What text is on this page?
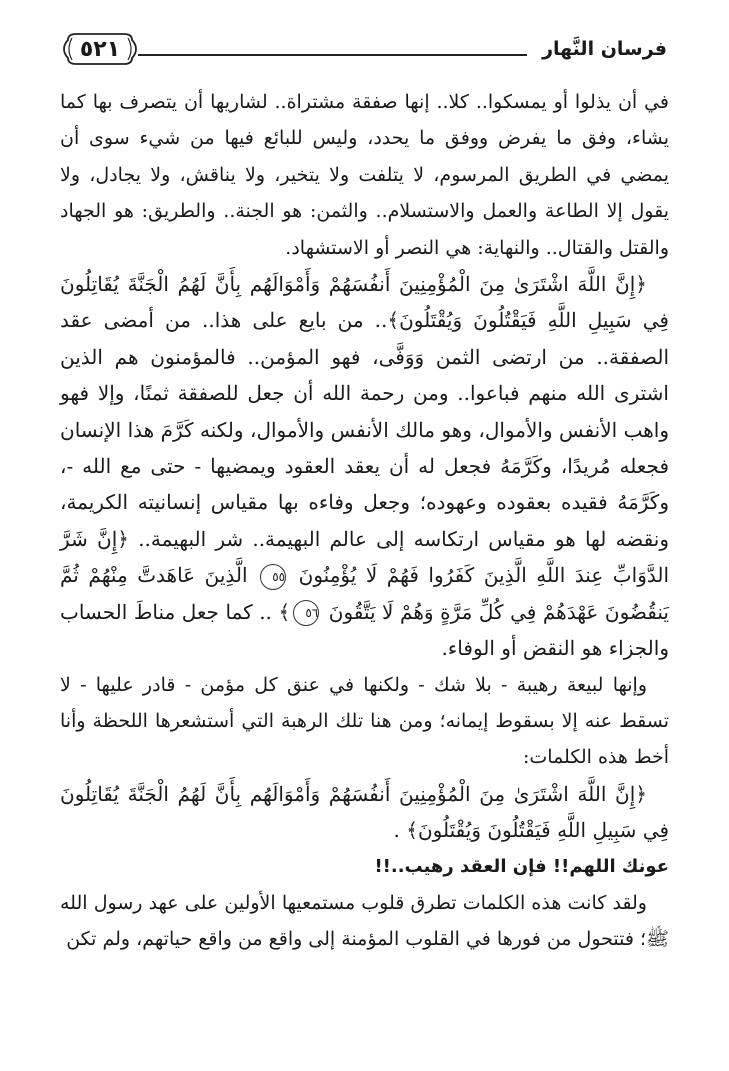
فرسان النَّهار
٥٢١

في أن يذلوا أو يمسكوا.. كلا.. إنها صفقة مشتراة.. لشاريها أن يتصرف بها كما يشاء، وفق ما يفرض ووفق ما يحدد، وليس للبائع فيها من شيء سوى أن يمضي في الطريق المرسوم، لا يتلفت ولا يتخير، ولا يناقش، ولا يجادل، ولا يقول إلا الطاعة والعمل والاستسلام.. والثمن: هو الجنة.. والطريق: هو الجهاد والقتل والقتال.. والنهاية: هي النصر أو الاستشهاد.

﴿إِنَّ اللَّهَ اشْتَرَىٰ مِنَ الْمُؤْمِنِينَ أَنفُسَهُمْ وَأَمْوَالَهُم بِأَنَّ لَهُمُ الْجَنَّةَ يُقَاتِلُونَ فِي سَبِيلِ اللَّهِ فَيَقْتُلُونَ وَيُقْتَلُونَ﴾.. من بايع على هذا.. من أمضى عقد الصفقة.. من ارتضى الثمن وَوَفَّى، فهو المؤمن.. فالمؤمنون هم الذين اشترى الله منهم فباعوا.. ومن رحمة الله أن جعل للصفقة ثمنًا، وإلا فهو واهب الأنفس والأموال، وهو مالك الأنفس والأموال، ولكنه كَرَّمَ هذا الإنسان فجعله مُريدًا، وكَرَّمَهُ فجعل له أن يعقد العقود ويمضيها - حتى مع الله -، وكَرَّمَهُ فقيده بعقوده وعهوده؛ وجعل وفاءه بها مقياس إنسانيته الكريمة، ونقضه لها هو مقياس ارتكاسه إلى عالم البهيمة.. شر البهيمة.. ﴿إِنَّ شَرَّ الدَّوَابِّ عِندَ اللَّهِ الَّذِينَ كَفَرُوا فَهُمْ لَا يُؤْمِنُونَ ٥٥ الَّذِينَ عَاهَدتَّ مِنْهُمْ ثُمَّ يَنقُضُونَ عَهْدَهُمْ فِي كُلِّ مَرَّةٍ وَهُمْ لَا يَتَّقُونَ ٥٦﴾ .. كما جعل مناطَ الحساب والجزاء هو النقض أو الوفاء.

وإنها لبيعة رهيبة - بلا شك - ولكنها في عنق كل مؤمن - قادر عليها - لا تسقط عنه إلا بسقوط إيمانه؛ ومن هنا تلك الرهبة التي أستشعرها اللحظة وأنا أخط هذه الكلمات:

﴿إِنَّ اللَّهَ اشْتَرَىٰ مِنَ الْمُؤْمِنِينَ أَنفُسَهُمْ وَأَمْوَالَهُم بِأَنَّ لَهُمُ الْجَنَّةَ يُقَاتِلُونَ فِي سَبِيلِ اللَّهِ فَيَقْتُلُونَ وَيُقْتَلُونَ﴾ .

عونك اللهم!! فإن العقد رهيب..!!

ولقد كانت هذه الكلمات تطرق قلوب مستمعيها الأولين على عهد رسول الله ﷺ؛ فتتحول من فورها في القلوب المؤمنة إلى واقع من واقع حياتهم، ولم تكن
